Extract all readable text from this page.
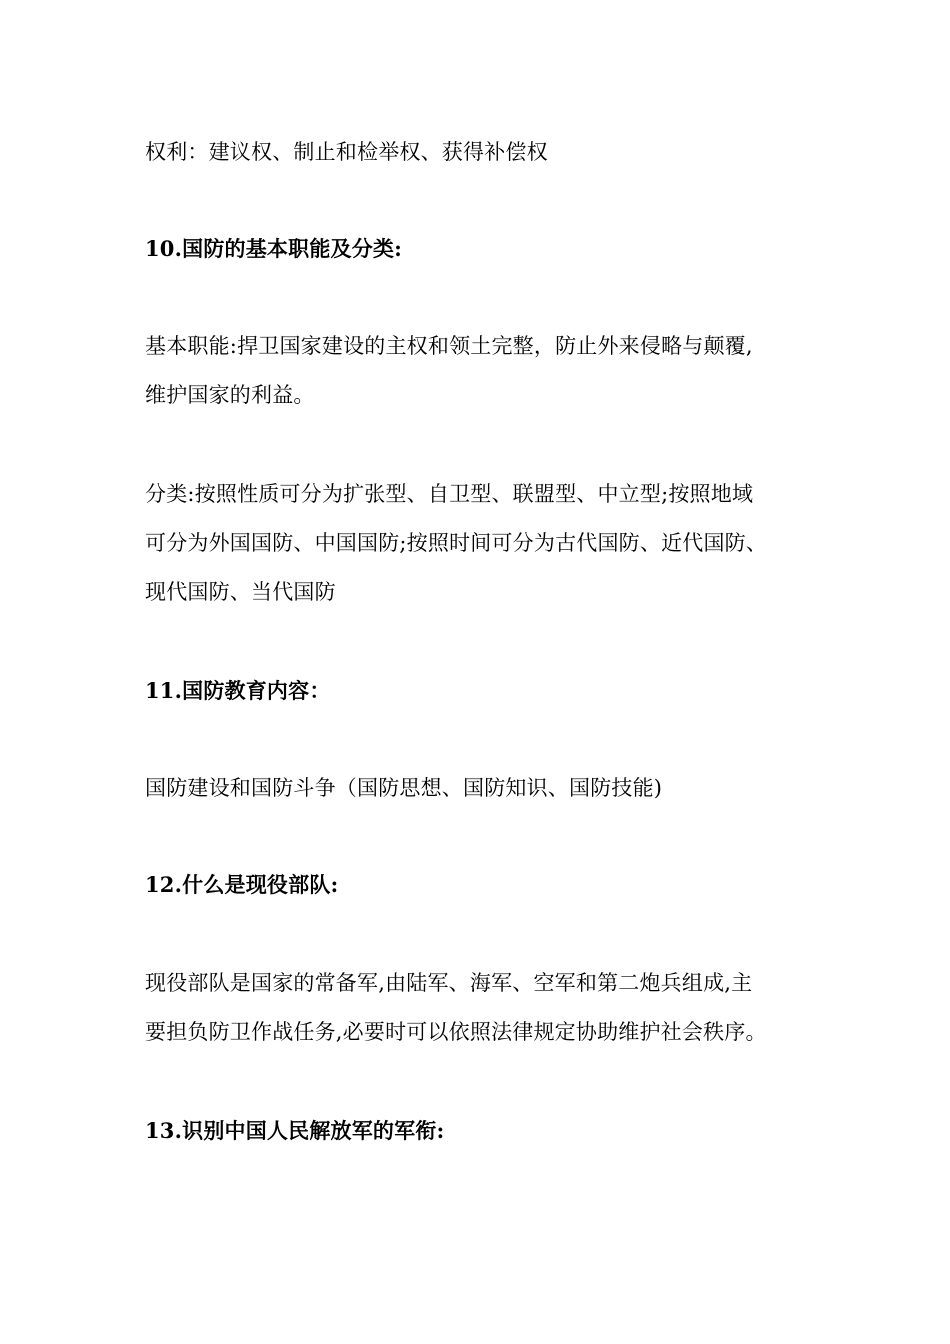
权利：建议权、制止和检举权、获得补偿权
10.国防的基本职能及分类:
基本职能:捍卫国家建设的主权和领土完整，防止外来侵略与颠覆,
维护国家的利益。
分类:按照性质可分为扩张型、自卫型、联盟型、中立型;按照地域
可分为外国国防、中国国防;按照时间可分为古代国防、近代国防、
现代国防、当代国防
11.国防教育内容：
国防建设和国防斗争（国防思想、国防知识、国防技能)
12.什么是现役部队:
现役部队是国家的常备军,由陆军、海军、空军和第二炮兵组成,主
要担负防卫作战任务,必要时可以依照法律规定协助维护社会秩序。
13.识别中国人民解放军的军衔:
